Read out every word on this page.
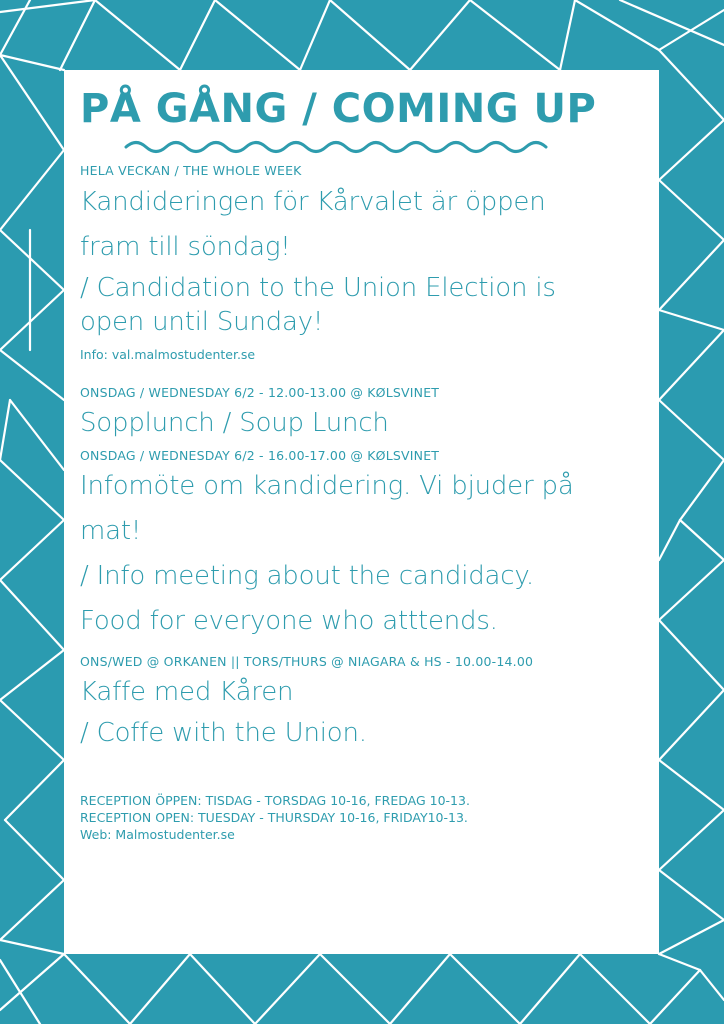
PÅ GÅNG / COMING UP
HELA VECKAN / THE WHOLE WEEK
Kandideringen för Kårvalet är öppen
fram till söndag!
/ Candidation to the Union Election is
open until Sunday!
Info: val.malmostudenter.se
ONSDAG / WEDNESDAY 6/2 - 12.00-13.00 @ KØLSVINET
Sopplunch / Soup Lunch
ONSDAG / WEDNESDAY 6/2 - 16.00-17.00 @ KØLSVINET
Infomöte om kandidering. Vi bjuder på
mat!
/ Info meeting about the candidacy.
Food for everyone who atttends.
ONS/WED @ ORKANEN || TORS/THURS @ NIAGARA & HS - 10.00-14.00
Kaffe med Kåren
/ Coffe with the Union.
RECEPTION ÖPPEN: TISDAG - TORSDAG 10-16, FREDAG 10-13.
RECEPTION OPEN: TUESDAY - THURSDAY 10-16, FRIDAY10-13.
Web: Malmostudenter.se
